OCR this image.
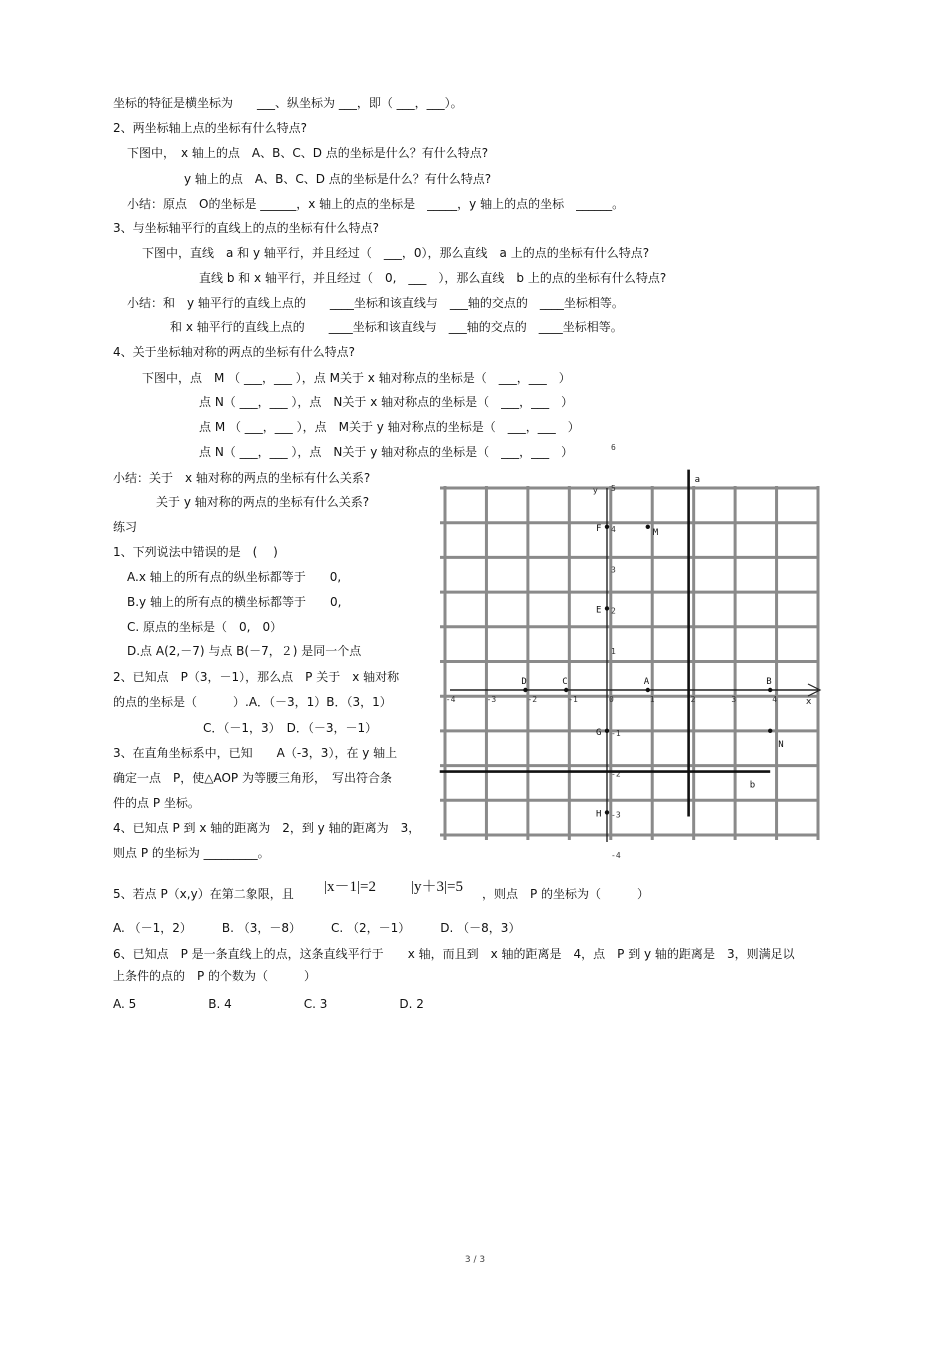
坐标的特征是横坐标为　　___、纵坐标为 ___，即（ ___，___）。
2、两坐标轴上点的坐标有什么特点?
下图中，　x 轴上的点　A、B、C、D 点的坐标是什么？有什么特点?
y 轴上的点　A、B、C、D 点的坐标是什么？有什么特点?
小结：原点　O的坐标是 ______，x 轴上的点的坐标是　_____，y 轴上的点的坐标　______。
3、与坐标轴平行的直线上的点的坐标有什么特点?
下图中，直线　a 和 y 轴平行，并且经过（　___，0），那么直线　a 上的点的坐标有什么特点?
直线 b 和 x 轴平行，并且经过（　0,　___　），那么直线　b 上的点的坐标有什么特点?
小结：和　y 轴平行的直线上点的　　____坐标和该直线与　___轴的交点的　____坐标相等。
和 x 轴平行的直线上点的　　____坐标和该直线与　___轴的交点的　____坐标相等。
4、关于坐标轴对称的两点的坐标有什么特点?
下图中，点　M （ ___，___ ），点 M关于 x 轴对称点的坐标是（　___，___　）
点 N（ ___，___ ），点　N关于 x 轴对称点的坐标是（　___，___　）
点 M （ ___，___ ），点　M关于 y 轴对称点的坐标是（　___，___　）
点 N（ ___，___ ），点　N关于 y 轴对称点的坐标是（　___，___　）
小结：关于　x 轴对称的两点的坐标有什么关系?
关于 y 轴对称的两点的坐标有什么关系?
练习
1、下列说法中错误的是　(　 )
A.x 轴上的所有点的纵坐标都等于　　0,
B.y 轴上的所有点的横坐标都等于　　0,
C. 原点的坐标是（　0,　0）
D.点 A(2,－7) 与点 B(－7，２) 是同一个点
2、已知点　P（3，－1），那么点　P 关于　x 轴对称
的点的坐标是（　　　）.A．（－3，1）B．（3，1）
C．（－1，3）　D．（－3，－1）
3、在直角坐标系中，已知　　A（-3，3），在 y 轴上
确定一点　P，使△AOP 为等腰三角形，　写出符合条
件的点 P 坐标。
4、已知点 P 到 x 轴的距离为　2，到 y 轴的距离为　3，
则点 P 的坐标为 _________。
5、若点 P（x,y）在第二象限，且 |x－1|=2 |y＋3|=5 ，则点　P 的坐标为（　　　）
A. （－1，2）　　　B. （3，－8）　　　C. （2，－1）　　　D. （－8，3）
6、已知点　P 是一条直线上的点，这条直线平行于　　x 轴，而且到　x 轴的距离是　4，点　P 到 y 轴的距离是　3，则满足以
上条件的点的　P 的个数为（　　　）
A. 5　　　　　　B. 4　　　　　　C. 3　　　　　　D. 2
x
y
-4	-3	-2	-1	0	1	2	3	4
6
5
4
3
2
1
-1
-2
-3
-4
a
b
A	B
C
D
E
F
G
H
M
N
3 / 3
